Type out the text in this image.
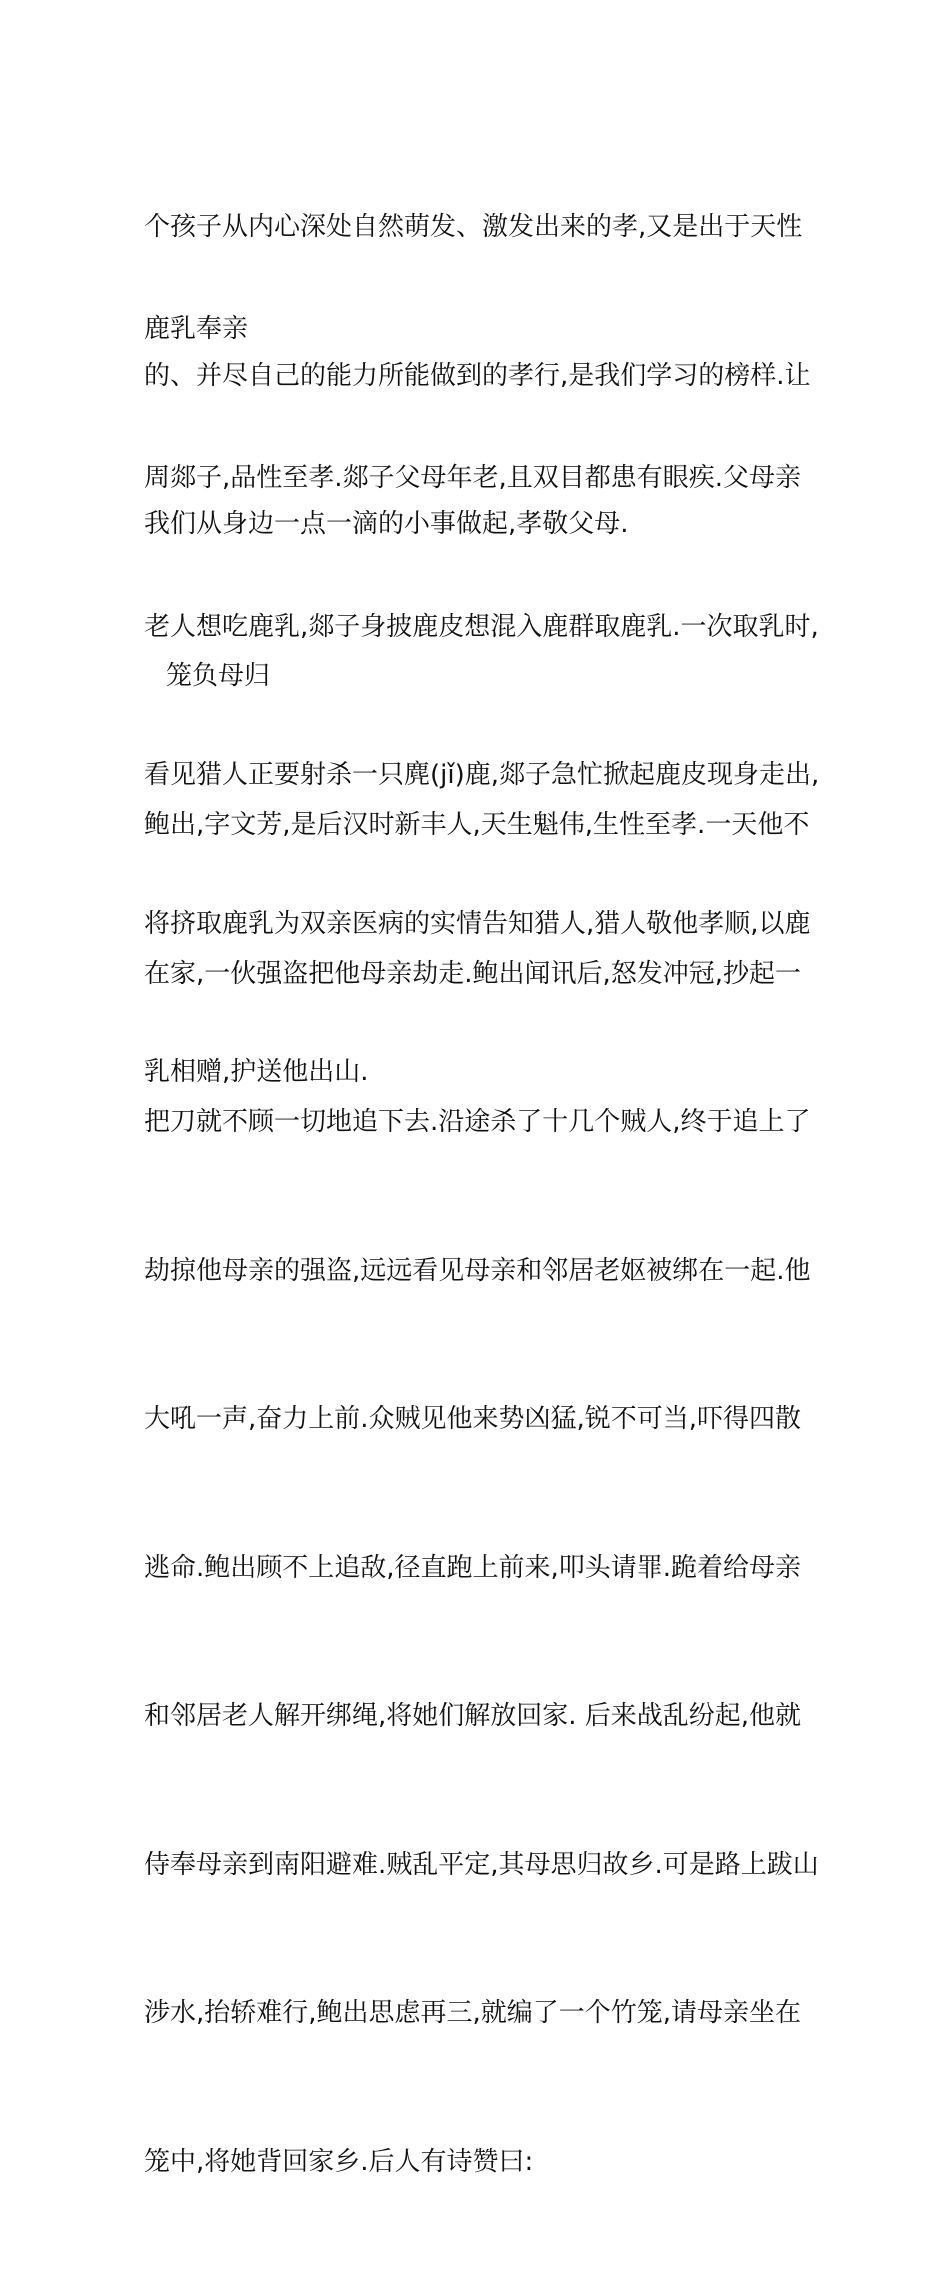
个孩子从内心深处自然萌发、激发出来的孝,又是出于天性

的、并尽自己的能力所能做到的孝行,是我们学习的榜样.让

我们从身边一点一滴的小事做起,孝敬父母.

鹿乳奉亲

周郯子,品性至孝.郯子父母年老,且双目都患有眼疾.父母亲

老人想吃鹿乳,郯子身披鹿皮想混入鹿群取鹿乳.一次取乳时,

看见猎人正要射杀一只麂(jǐ)鹿,郯子急忙掀起鹿皮现身走出,

将挤取鹿乳为双亲医病的实情告知猎人,猎人敬他孝顺,以鹿

乳相赠,护送他出山.

笼负母归

鲍出,字文芳,是后汉时新丰人,天生魁伟,生性至孝.一天他不

在家,一伙强盗把他母亲劫走.鲍出闻讯后,怒发冲冠,抄起一

把刀就不顾一切地追下去.沿途杀了十几个贼人,终于追上了

劫掠他母亲的强盗,远远看见母亲和邻居老妪被绑在一起.他

大吼一声,奋力上前.众贼见他来势凶猛,锐不可当,吓得四散

逃命.鲍出顾不上追敌,径直跑上前来,叩头请罪.跪着给母亲

和邻居老人解开绑绳,将她们解放回家. 后来战乱纷起,他就

侍奉母亲到南阳避难.贼乱平定,其母思归故乡.可是路上跋山

涉水,抬轿难行,鲍出思虑再三,就编了一个竹笼,请母亲坐在

笼中,将她背回家乡.后人有诗赞曰:
